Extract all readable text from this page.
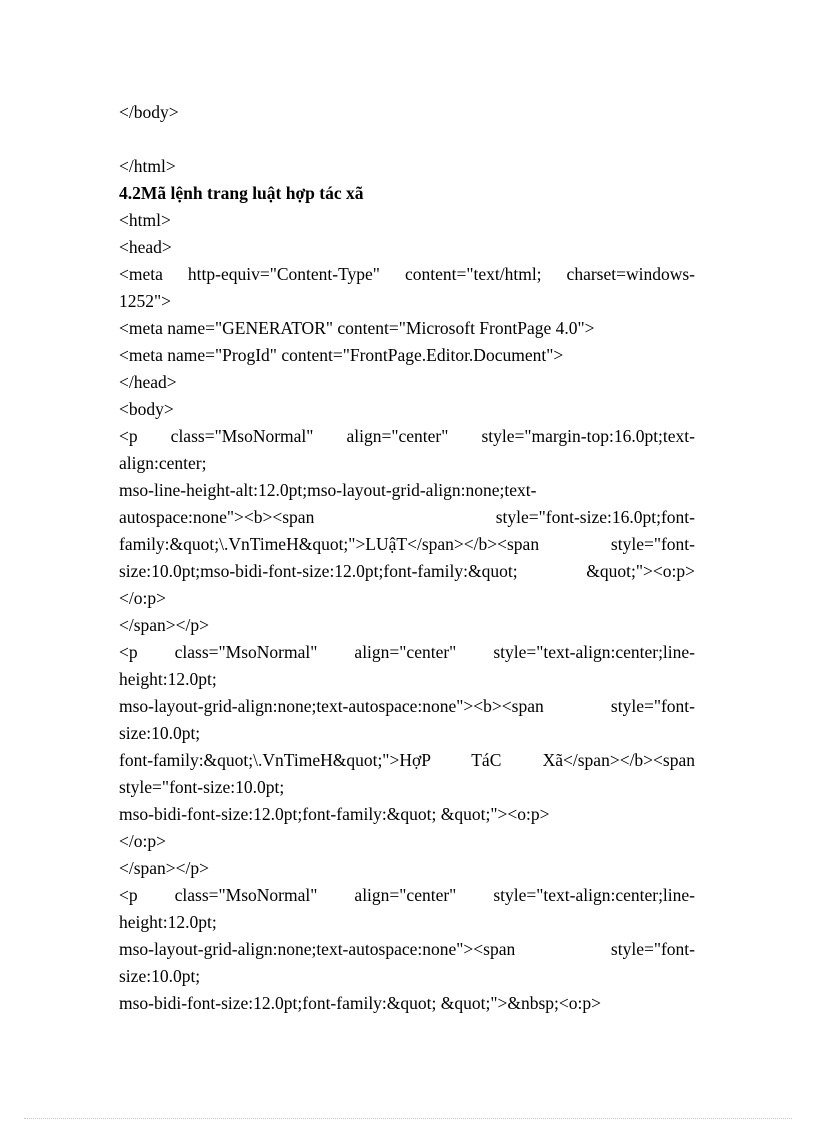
</body>
</html>
4.2Mã lệnh trang luật hợp tác xã
<html>
<head>
<meta http-equiv="Content-Type" content="text/html; charset=windows-
1252">
<meta name="GENERATOR" content="Microsoft FrontPage 4.0">
<meta name="ProgId" content="FrontPage.Editor.Document">
</head>
<body>
<p class="MsoNormal" align="center" style="margin-top:16.0pt;text-
align:center;
mso-line-height-alt:12.0pt;mso-layout-grid-align:none;text-
autospace:none"><b><span style="font-size:16.0pt;font-
family:&quot;\.VnTimeH&quot;">LUậT</span></b><span style="font-
size:10.0pt;mso-bidi-font-size:12.0pt;font-family:&quot; &quot;"><o:p>
</o:p>
</span></p>
<p class="MsoNormal" align="center" style="text-align:center;line-
height:12.0pt;
mso-layout-grid-align:none;text-autospace:none"><b><span style="font-
size:10.0pt;
font-family:&quot;\.VnTimeH&quot;">HợP TáC Xã</span></b><span
style="font-size:10.0pt;
mso-bidi-font-size:12.0pt;font-family:&quot; &quot;"><o:p>
</o:p>
</span></p>
<p class="MsoNormal" align="center" style="text-align:center;line-
height:12.0pt;
mso-layout-grid-align:none;text-autospace:none"><span style="font-
size:10.0pt;
mso-bidi-font-size:12.0pt;font-family:&quot; &quot;">&nbsp;<o:p>
